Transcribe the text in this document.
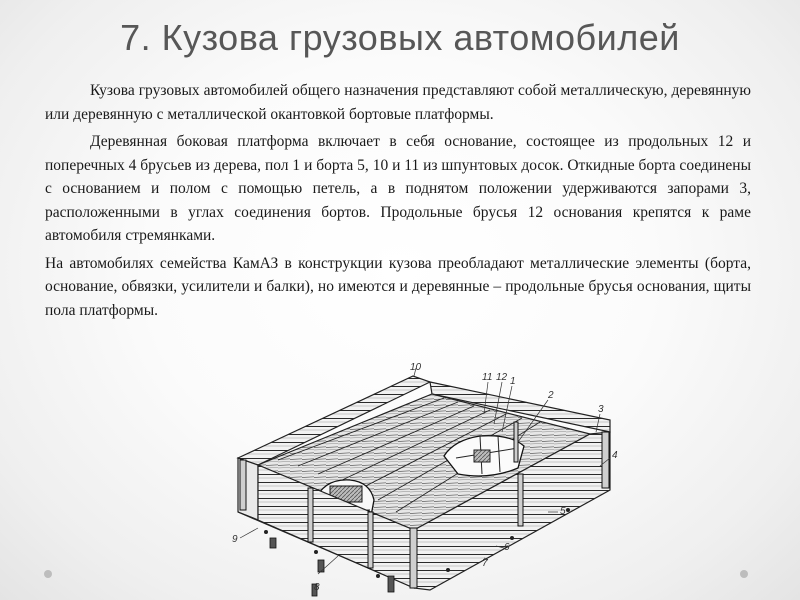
7. Кузова грузовых автомобилей

Кузова грузовых автомобилей общего назначения представляют собой металлическую, деревянную или деревянную с металлической окантовкой бортовые платформы.

Деревянная боковая платформа включает в себя основание, состоящее из продольных 12 и поперечных 4 брусьев из дерева, пол 1 и борта 5, 10 и 11 из шпунтовых досок. Откидные борта соединены с основанием и полом с помощью петель, а в поднятом положении удерживаются запорами 3, расположенными в углах соединения бортов. Продольные брусья 12 основания крепятся к раме автомобиля стремянками.

На автомобилях семейства КамАЗ в конструкции кузова преобладают металлические элементы (борта, основание, обвязки, усилители и балки), но имеются и деревянные – продольные брусья основания, щиты пола платформы.

10
11 12 1
2
3
4
5
6
7
8
9
